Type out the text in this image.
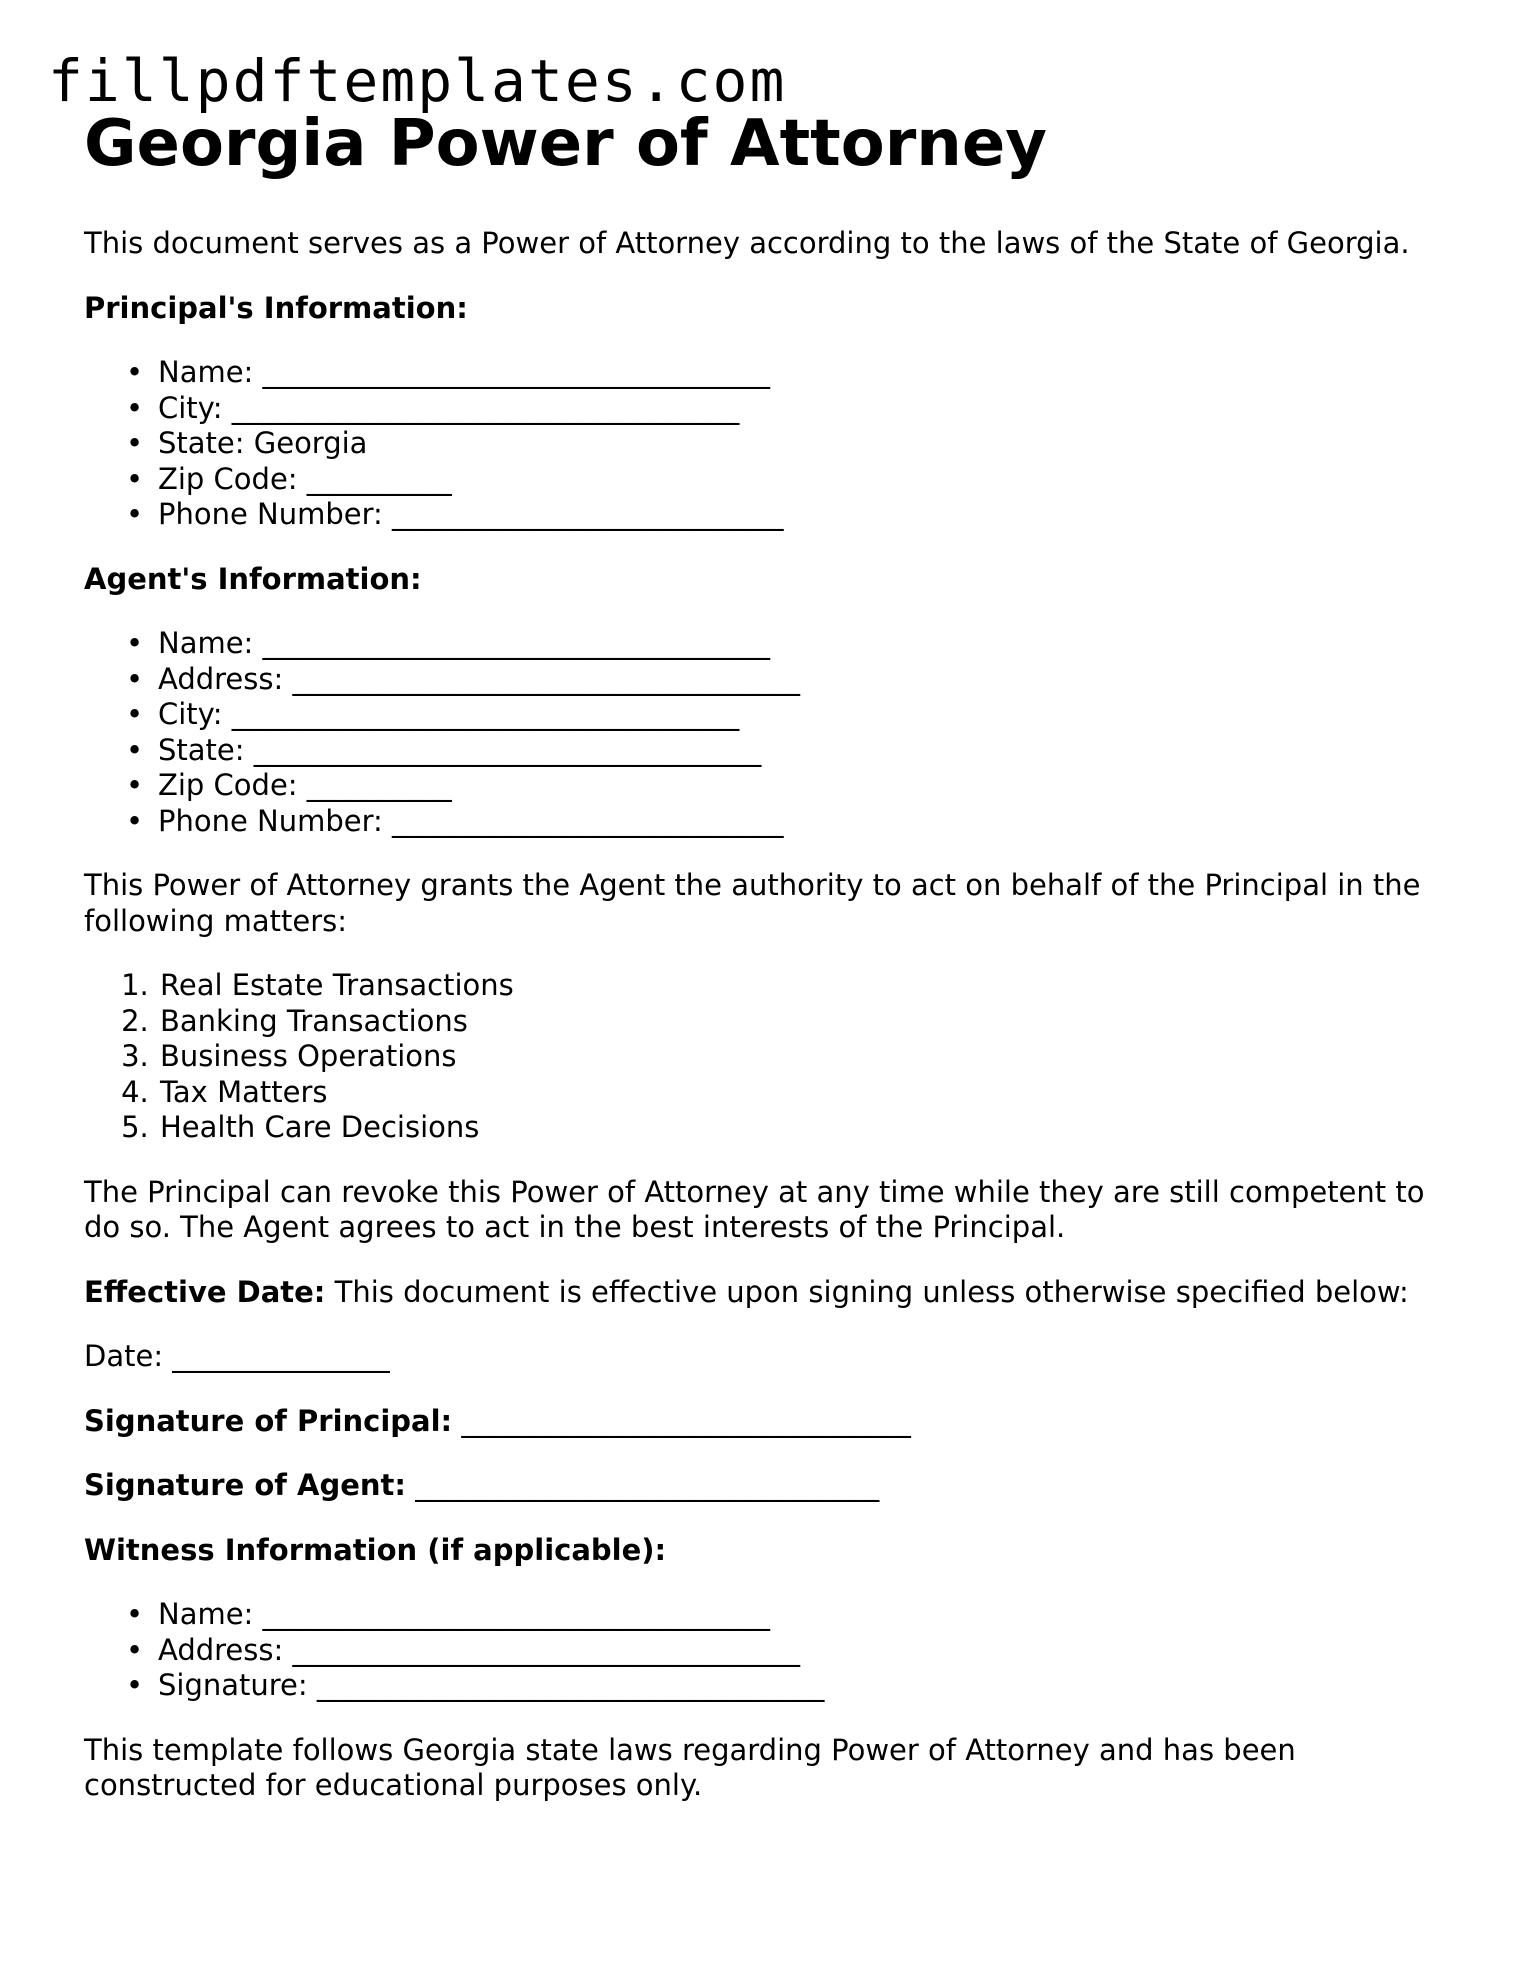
fillpdftemplates.com
Georgia Power of Attorney

This document serves as a Power of Attorney according to the laws of the State of Georgia.

Principal's Information:

• Name: ___________________________________
• City: ___________________________________
• State: Georgia
• Zip Code: __________
• Phone Number: ___________________________

Agent's Information:

• Name: ___________________________________
• Address: ___________________________________
• City: ___________________________________
• State: ___________________________________
• Zip Code: __________
• Phone Number: ___________________________

This Power of Attorney grants the Agent the authority to act on behalf of the Principal in the following matters:

1. Real Estate Transactions
2. Banking Transactions
3. Business Operations
4. Tax Matters
5. Health Care Decisions

The Principal can revoke this Power of Attorney at any time while they are still competent to do so. The Agent agrees to act in the best interests of the Principal.

Effective Date: This document is effective upon signing unless otherwise specified below:

Date: _______________

Signature of Principal: _______________________________

Signature of Agent: ________________________________

Witness Information (if applicable):

• Name: ___________________________________
• Address: ___________________________________
• Signature: ___________________________________

This template follows Georgia state laws regarding Power of Attorney and has been constructed for educational purposes only.
